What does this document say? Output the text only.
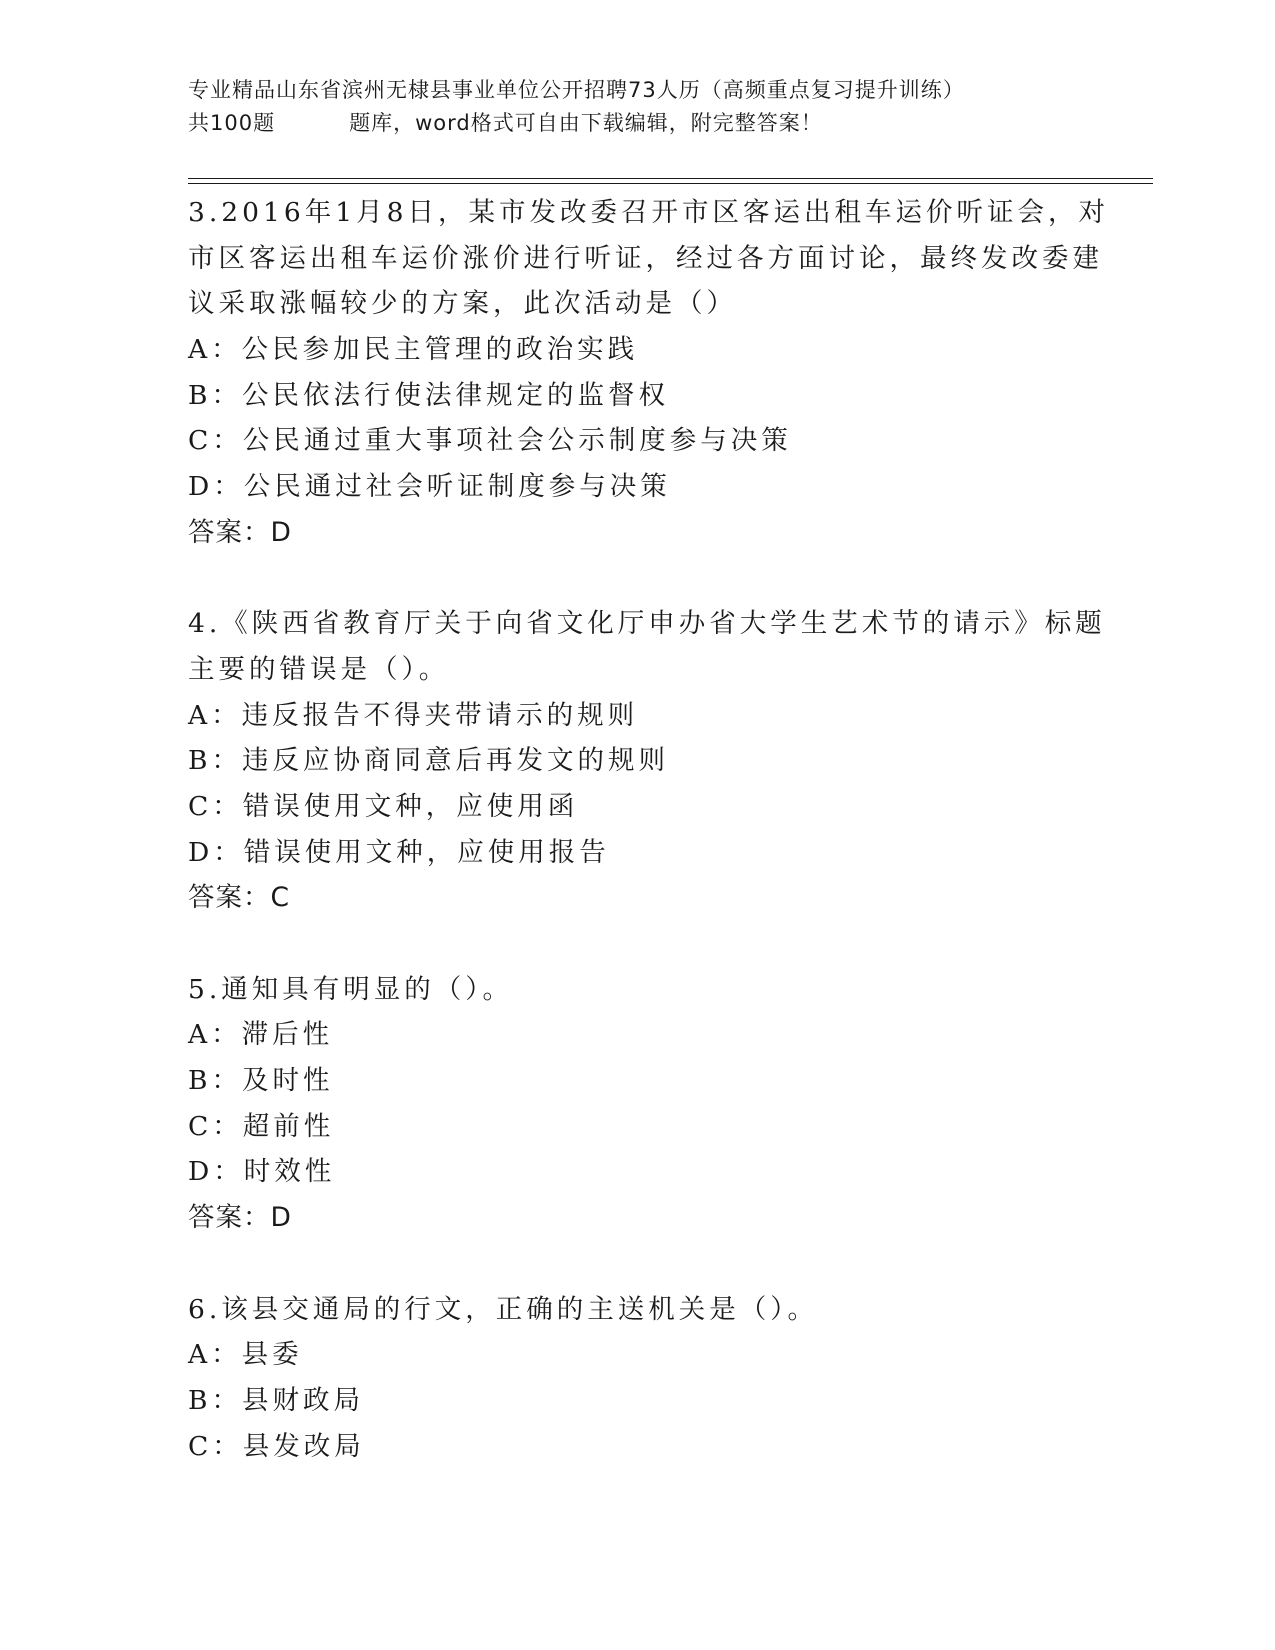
专业精品山东省滨州无棣县事业单位公开招聘73人历（高频重点复习提升训练）
共100题	题库，word格式可自由下载编辑，附完整答案！
3.2016年1月8日，某市发改委召开市区客运出租车运价听证会，对
市区客运出租车运价涨价进行听证，经过各方面讨论，最终发改委建
议采取涨幅较少的方案，此次活动是（）
A：公民参加民主管理的政治实践
B：公民依法行使法律规定的监督权
C：公民通过重大事项社会公示制度参与决策
D：公民通过社会听证制度参与决策
答案：D
4.《陕西省教育厅关于向省文化厅申办省大学生艺术节的请示》标题
主要的错误是（）。
A：违反报告不得夹带请示的规则
B：违反应协商同意后再发文的规则
C：错误使用文种，应使用函
D：错误使用文种，应使用报告
答案：C
5.通知具有明显的（）。
A：滞后性
B：及时性
C：超前性
D：时效性
答案：D
6.该县交通局的行文，正确的主送机关是（）。
A：县委
B：县财政局
C：县发改局
